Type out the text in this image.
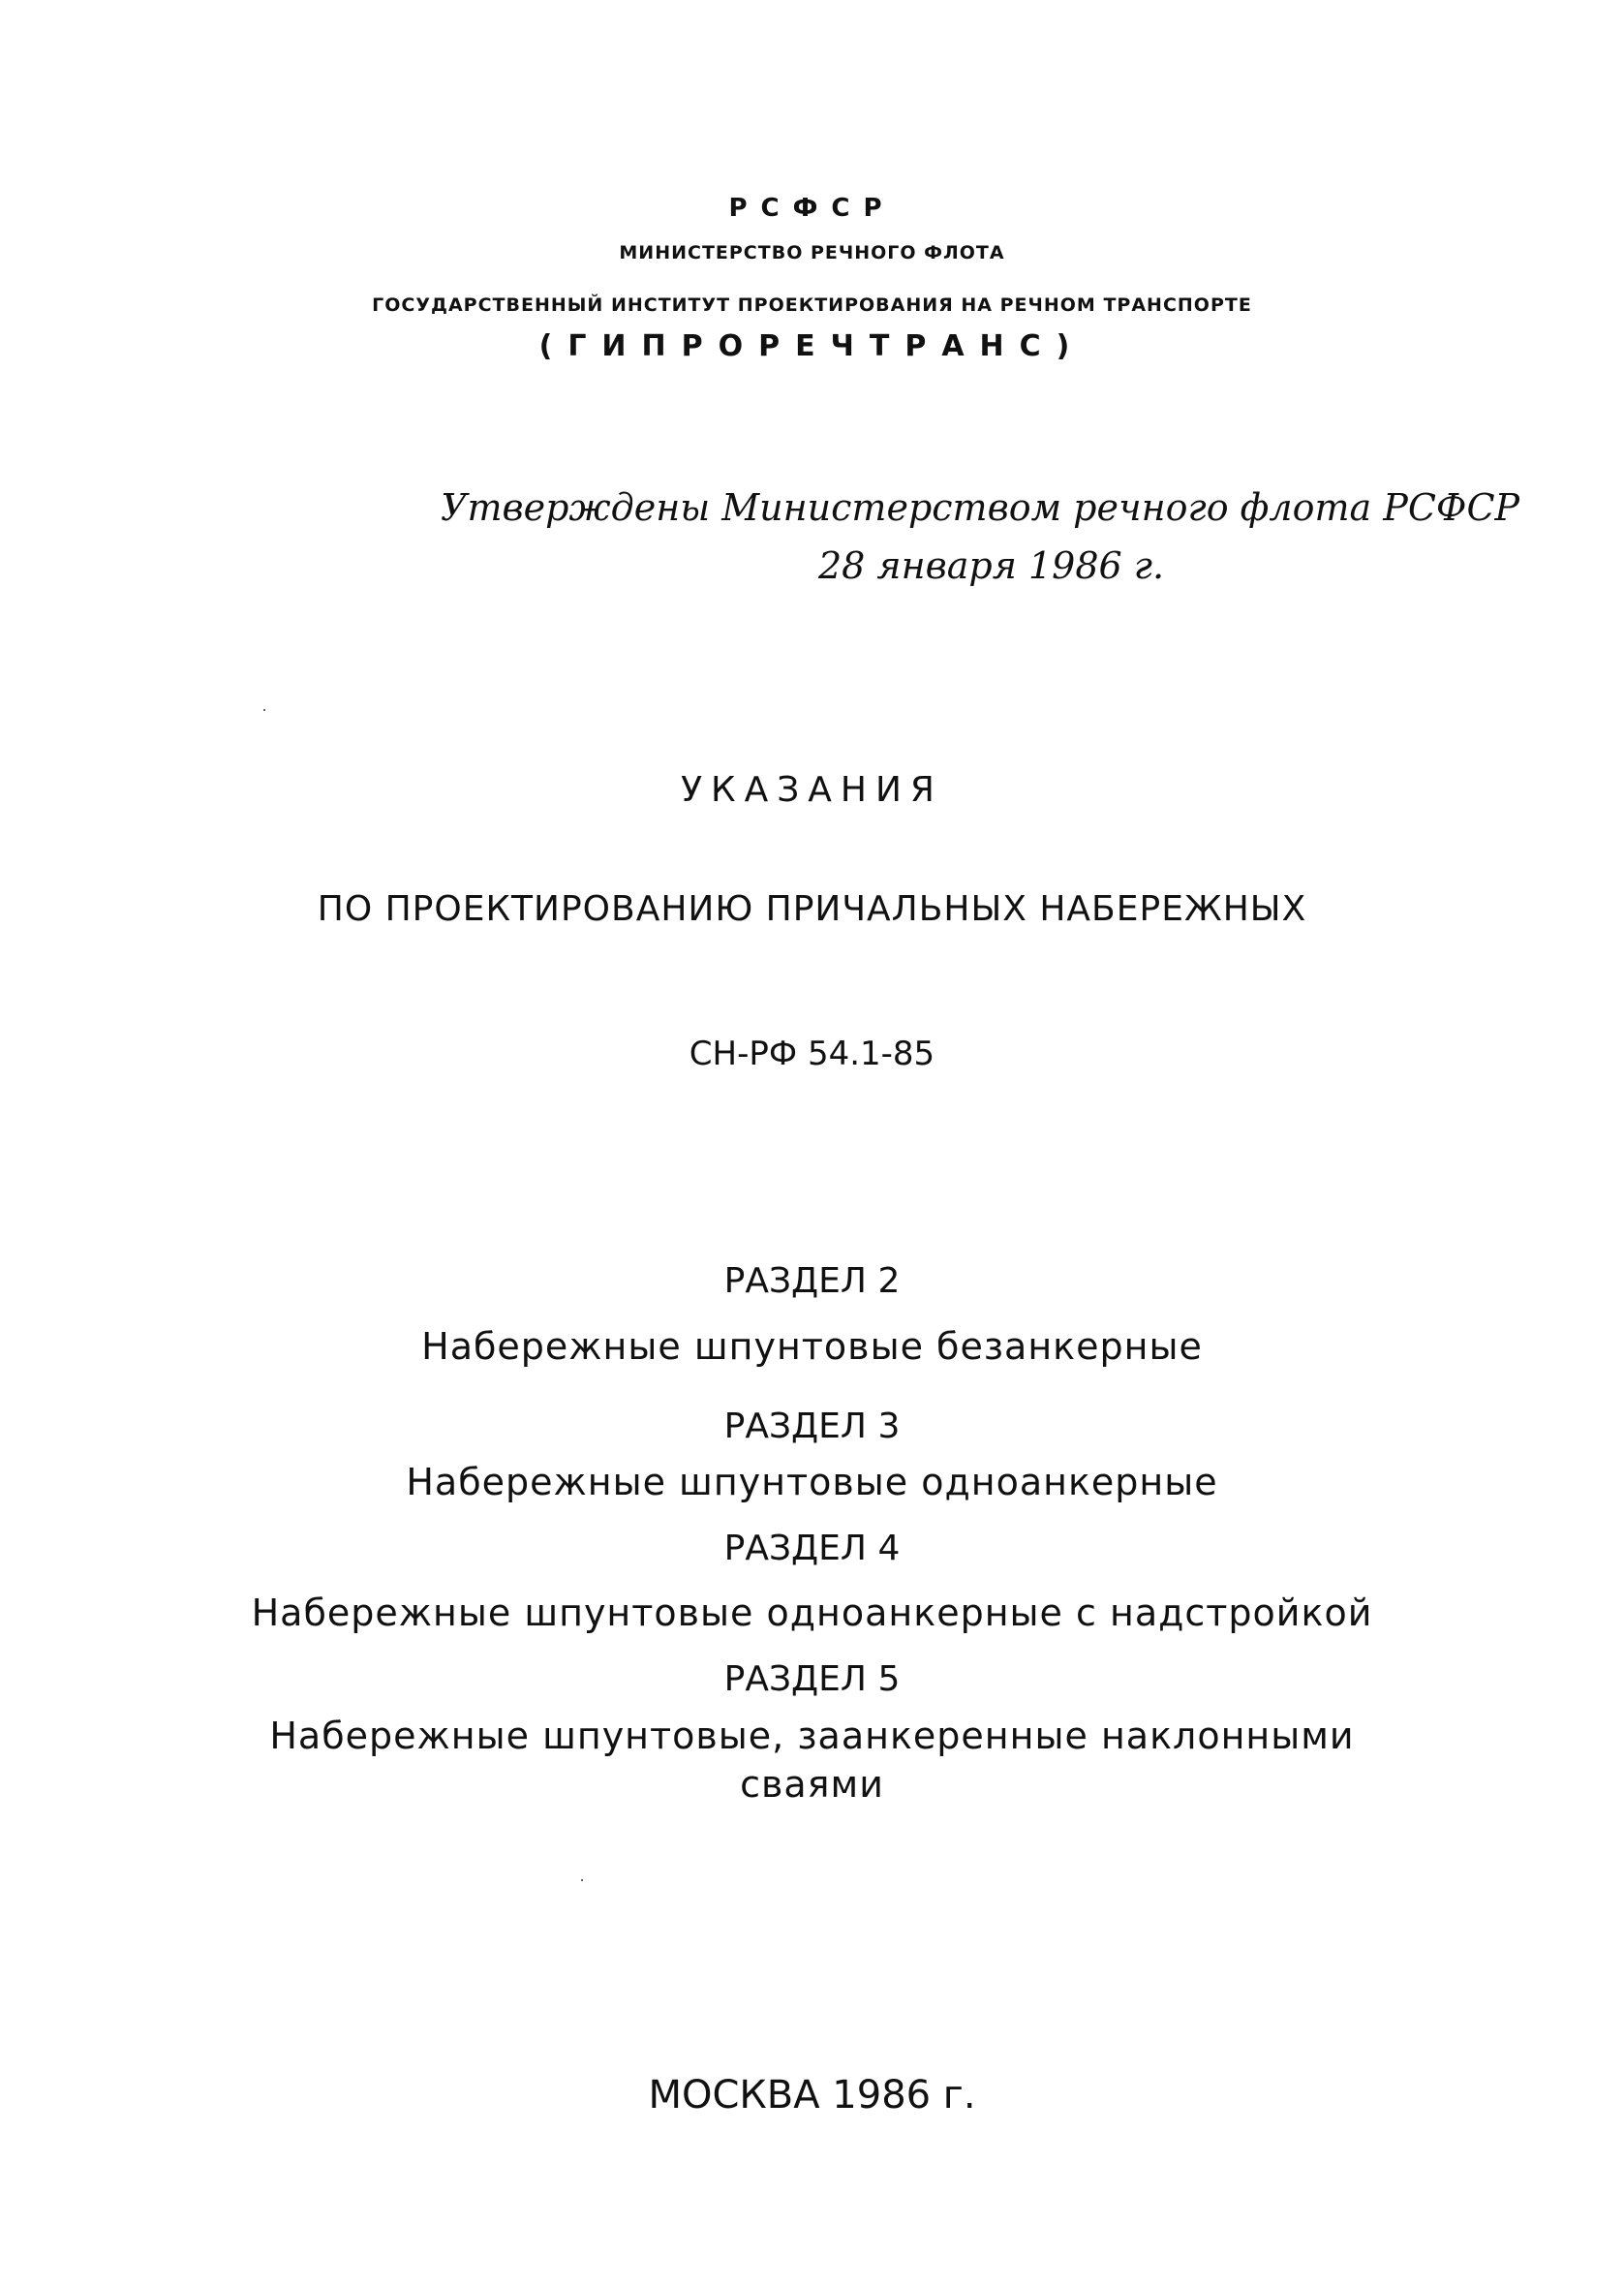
РСФСР

МИНИСТЕРСТВО РЕЧНОГО ФЛОТА

ГОСУДАРСТВЕННЫЙ ИНСТИТУТ ПРОЕКТИРОВАНИЯ НА РЕЧНОМ ТРАНСПОРТЕ

(ГИПРОРЕЧТРАНС)

Утверждены Министерством речного флота РСФСР

28 января 1986 г.

УКАЗАНИЯ

ПО ПРОЕКТИРОВАНИЮ ПРИЧАЛЬНЫХ НАБЕРЕЖНЫХ

СН-РФ 54.1-85

РАЗДЕЛ 2

Набережные шпунтовые безанкерные

РАЗДЕЛ 3

Набережные шпунтовые одноанкерные

РАЗДЕЛ 4

Набережные шпунтовые одноанкерные с надстройкой

РАЗДЕЛ 5

Набережные шпунтовые, заанкеренные наклонными

сваями

МОСКВА 1986 г.
